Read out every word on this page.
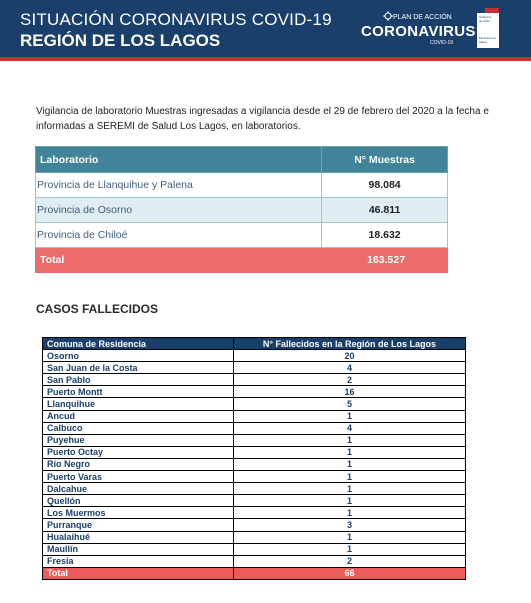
SITUACIÓN CORONAVIRUS COVID-19
REGIÓN DE LOS LAGOS
PLAN DE ACCIÓN
CORONAVIRUS
COVID-19
Gobierno
de Chile
Ministerio de Salud
Vigilancia de laboratorio Muestras ingresadas a vigilancia desde el 29 de febrero del 2020 a la fecha e informadas a SEREMI de Salud Los Lagos, en laboratorios.
Laboratorio	N° Muestras
Provincia de Llanquihue y Palena	98.084
Provincia de Osorno	46.811
Provincia de Chiloé	18.632
Total	163.527
CASOS FALLECIDOS
Comuna de Residencia	N° Fallecidos en la Región de Los Lagos
Osorno	20
San Juan de la Costa	4
San Pablo	2
Puerto Montt	16
Llanquihue	5
Ancud	1
Calbuco	4
Puyehue	1
Puerto Octay	1
Río Negro	1
Puerto Varas	1
Dalcahue	1
Quellón	1
Los Muermos	1
Purranque	3
Hualaihué	1
Maullín	1
Fresia	2
Total	66
